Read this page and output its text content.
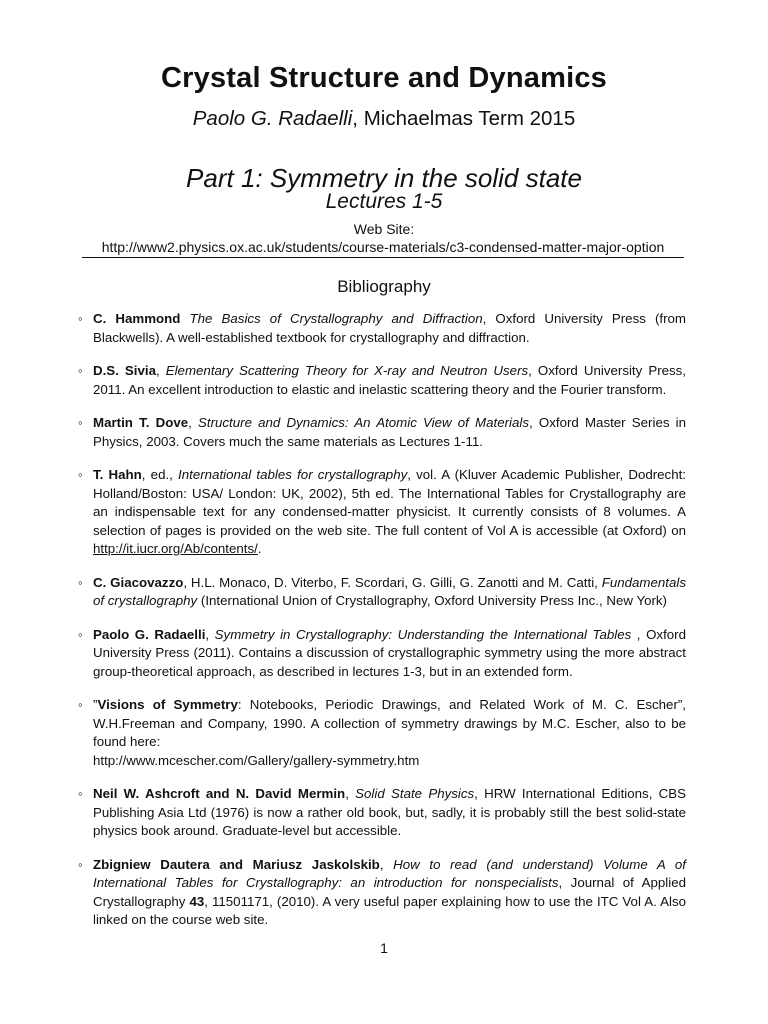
Crystal Structure and Dynamics
Paolo G. Radaelli, Michaelmas Term 2015
Part 1: Symmetry in the solid state
Lectures 1-5
Web Site:
http://www2.physics.ox.ac.uk/students/course-materials/c3-condensed-matter-major-option
Bibliography
◦ C. Hammond The Basics of Crystallography and Diffraction, Oxford University Press (from Blackwells). A well-established textbook for crystallography and diffraction.
◦ D.S. Sivia, Elementary Scattering Theory for X-ray and Neutron Users, Oxford University Press, 2011. An excellent introduction to elastic and inelastic scattering theory and the Fourier transform.
◦ Martin T. Dove, Structure and Dynamics: An Atomic View of Materials, Oxford Master Series in Physics, 2003. Covers much the same materials as Lectures 1-11.
◦ T. Hahn, ed., International tables for crystallography, vol. A (Kluver Academic Publisher, Dodrecht: Holland/Boston: USA/ London: UK, 2002), 5th ed. The International Tables for Crystallography are an indispensable text for any condensed-matter physicist. It currently consists of 8 volumes. A selection of pages is provided on the web site. The full content of Vol A is accessible (at Oxford) on http://it.iucr.org/Ab/contents/.
◦ C. Giacovazzo, H.L. Monaco, D. Viterbo, F. Scordari, G. Gilli, G. Zanotti and M. Catti, Fundamentals of crystallography (International Union of Crystallography, Oxford University Press Inc., New York)
◦ Paolo G. Radaelli, Symmetry in Crystallography: Understanding the International Tables , Oxford University Press (2011). Contains a discussion of crystallographic symmetry using the more abstract group-theoretical approach, as described in lectures 1-3, but in an extended form.
◦ ”Visions of Symmetry: Notebooks, Periodic Drawings, and Related Work of M. C. Escher”, W.H.Freeman and Company, 1990. A collection of symmetry drawings by M.C. Escher, also to be found here:
http://www.mcescher.com/Gallery/gallery-symmetry.htm
◦ Neil W. Ashcroft and N. David Mermin, Solid State Physics, HRW International Editions, CBS Publishing Asia Ltd (1976) is now a rather old book, but, sadly, it is probably still the best solid-state physics book around. Graduate-level but accessible.
◦ Zbigniew Dautera and Mariusz Jaskolskib, How to read (and understand) Volume A of International Tables for Crystallography: an introduction for nonspecialists, Journal of Applied Crystallography 43, 11501171, (2010). A very useful paper explaining how to use the ITC Vol A. Also linked on the course web site.
1
